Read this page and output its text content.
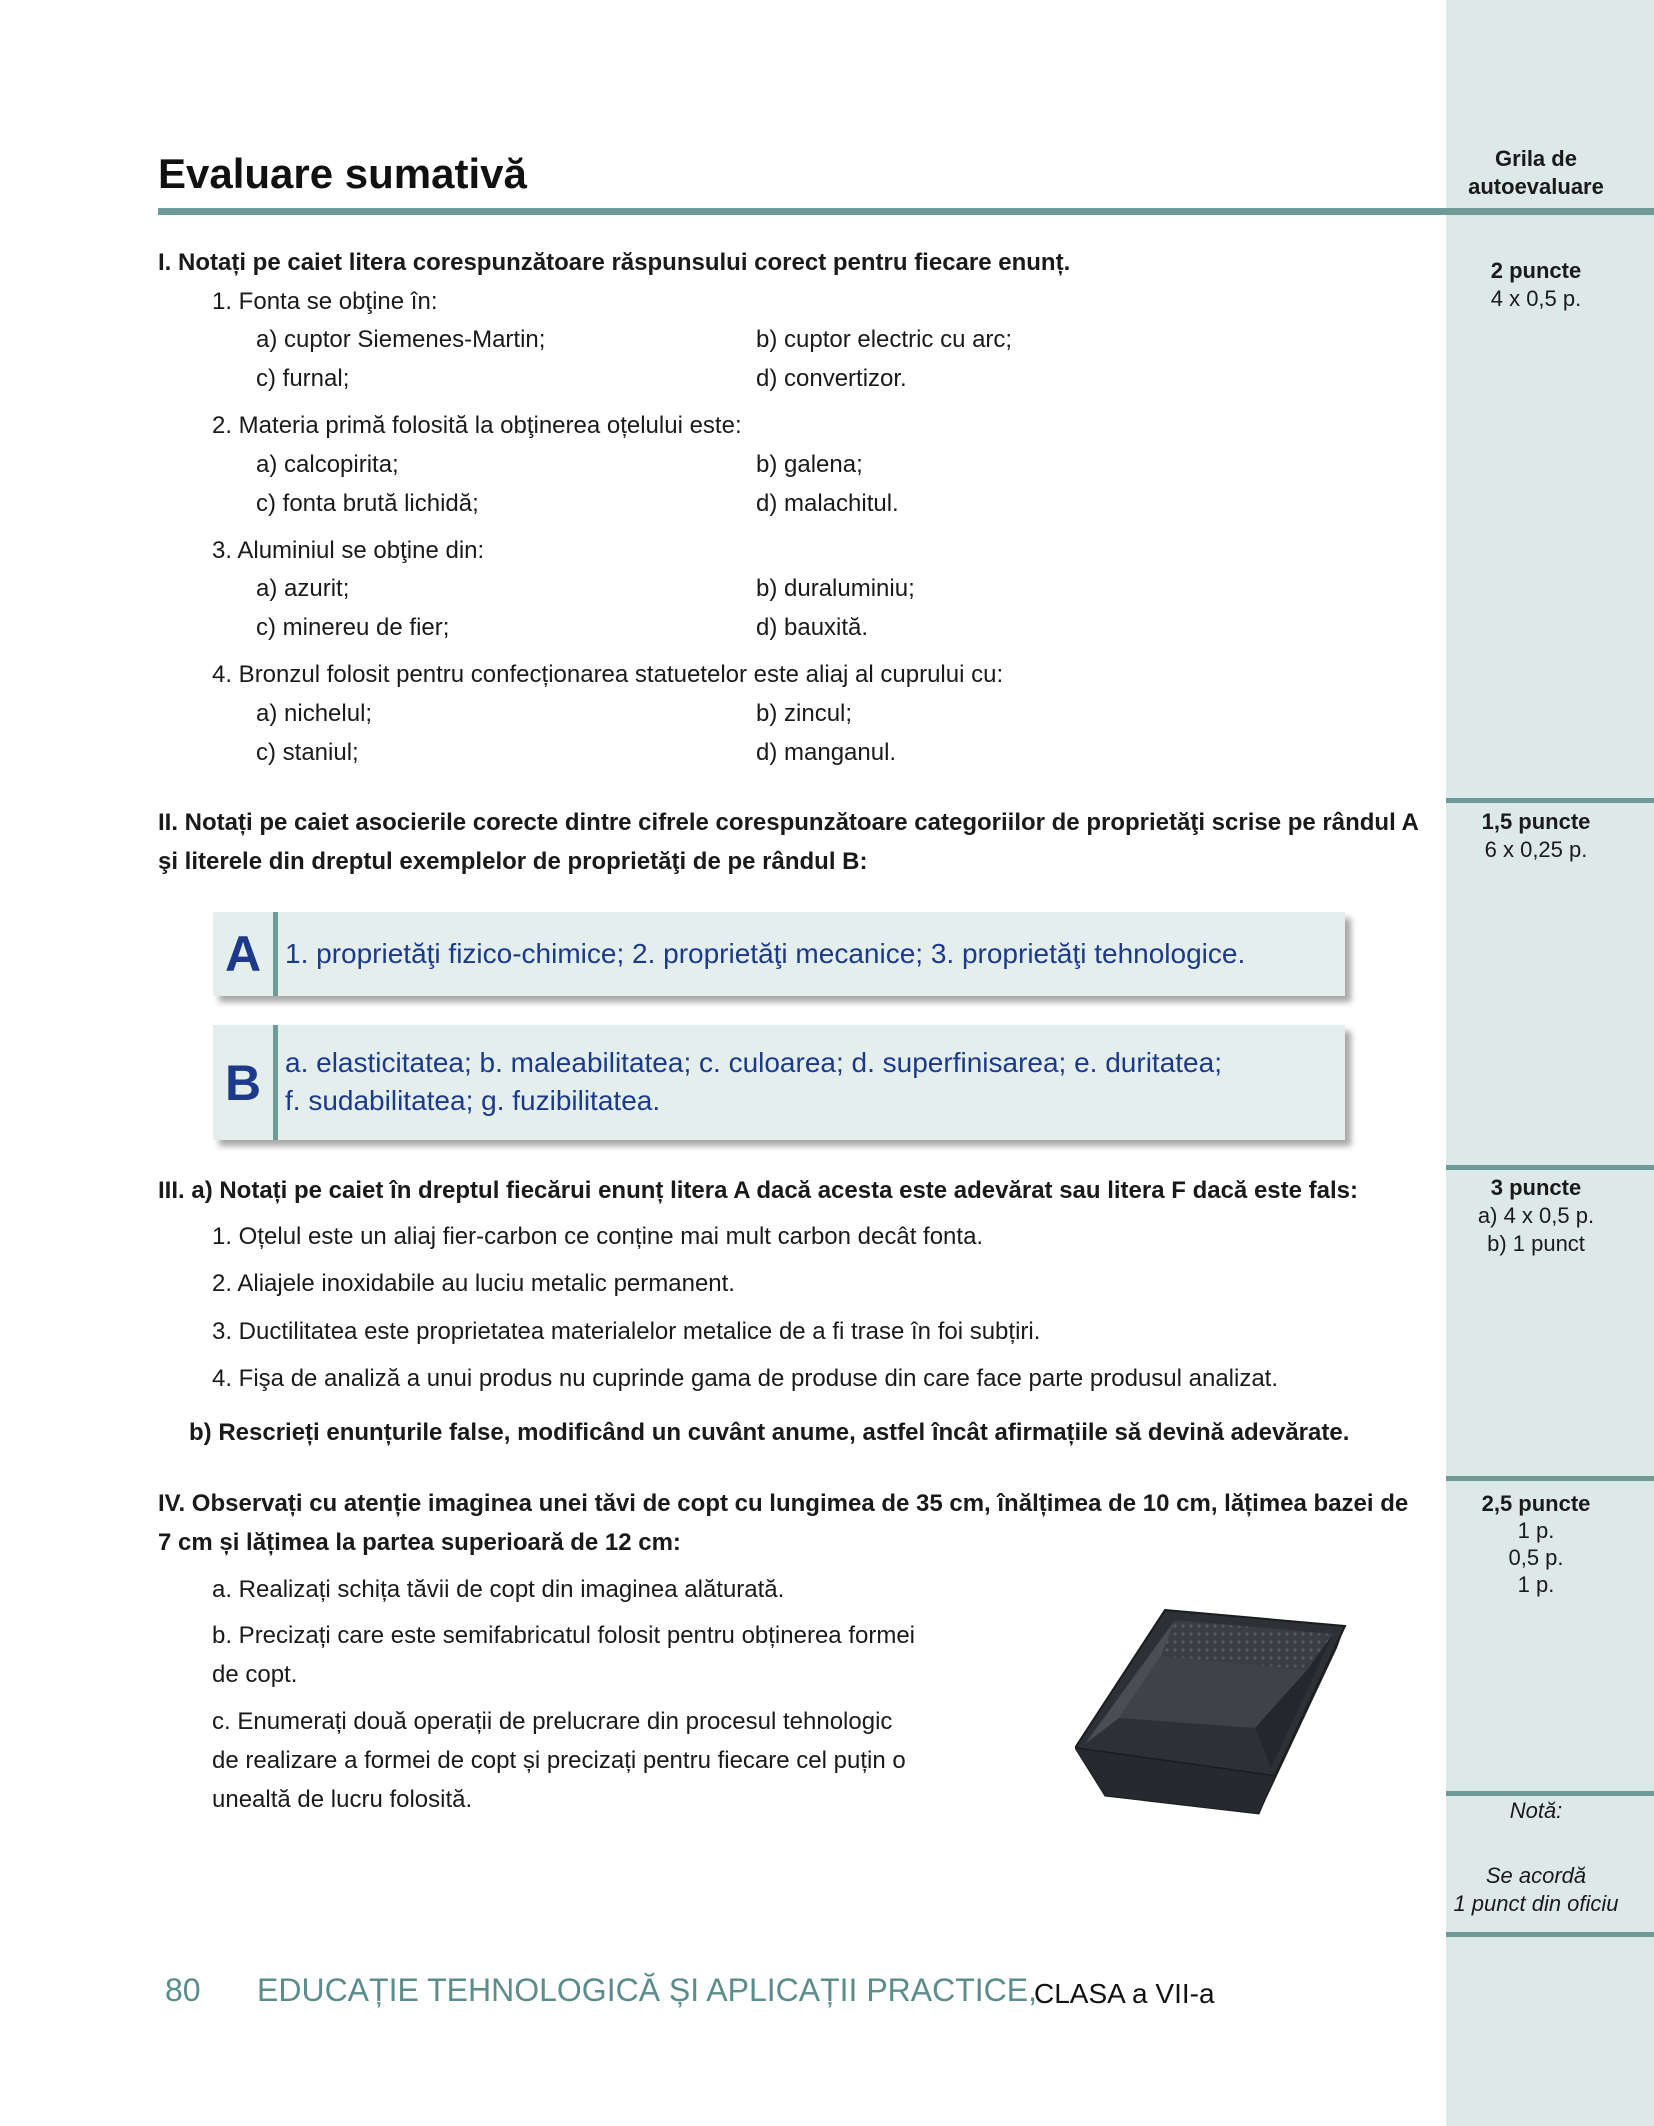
Grila de
autoevaluare
2 puncte
4 x 0,5 p.
1,5 puncte
6 x 0,25 p.
3 puncte
a) 4 x 0,5 p.
b) 1 punct
2,5 puncte
1 p.
0,5 p.
1 p.
Notă:
Se acordă
1 punct din oficiu
Evaluare sumativă
I. Notați pe caiet litera corespunzătoare răspunsului corect pentru fiecare enunț.
1. Fonta se obţine în:
a) cuptor Siemenes-Martin;	b) cuptor electric cu arc;
c) furnal;	d) convertizor.
2. Materia primă folosită la obţinerea oțelului este:
a) calcopirita;	b) galena;
c) fonta brută lichidă;	d) malachitul.
3. Aluminiul se obţine din:
a) azurit;	b) duraluminiu;
c) minereu de fier;	d) bauxită.
4. Bronzul folosit pentru confecționarea statuetelor este aliaj al cuprului cu:
a) nichelul;	b) zincul;
c) staniul;	d) manganul.
II. Notați pe caiet asocierile corecte dintre cifrele corespunzătoare categoriilor de proprietăţi scrise pe rândul A
şi literele din dreptul exemplelor de proprietăţi de pe rândul B:
A 1. proprietăţi fizico-chimice; 2. proprietăţi mecanice; 3. proprietăţi tehnologice.
B a. elasticitatea; b. maleabilitatea; c. culoarea; d. superfinisarea; e. duritatea;
f. sudabilitatea; g. fuzibilitatea.
III. a) Notați pe caiet în dreptul fiecărui enunț litera A dacă acesta este adevărat sau litera F dacă este fals:
1. Oțelul este un aliaj fier-carbon ce conține mai mult carbon decât fonta.
2. Aliajele inoxidabile au luciu metalic permanent.
3. Ductilitatea este proprietatea materialelor metalice de a fi trase în foi subțiri.
4. Fişa de analiză a unui produs nu cuprinde gama de produse din care face parte produsul analizat.
b) Rescrieți enunțurile false, modificând un cuvânt anume, astfel încât afirmațiile să devină adevărate.
IV. Observați cu atenție imaginea unei tăvi de copt cu lungimea de 35 cm, înălțimea de 10 cm, lățimea bazei de
7 cm și lățimea la partea superioară de 12 cm:
a. Realizați schița tăvii de copt din imaginea alăturată.
b. Precizați care este semifabricatul folosit pentru obținerea formei
de copt.
c. Enumerați două operații de prelucrare din procesul tehnologic
de realizare a formei de copt și precizați pentru fiecare cel puțin o
unealtă de lucru folosită.
80 EDUCAȚIE TEHNOLOGICĂ ȘI APLICAȚII PRACTICE,
CLASA a VII-a
